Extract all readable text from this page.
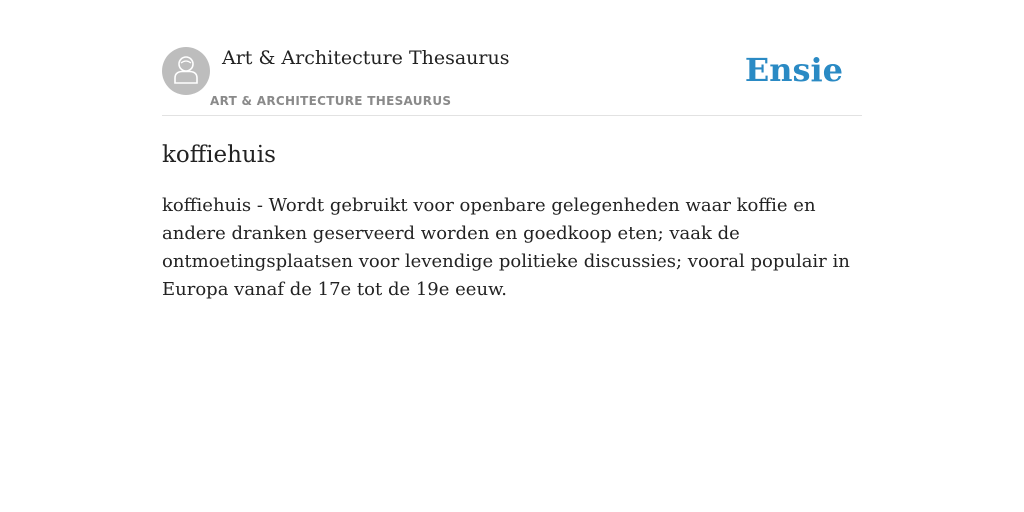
Art & Architecture Thesaurus
ART & ARCHITECTURE THESAURUS
Ensie
koffiehuis
koffiehuis - Wordt gebruikt voor openbare gelegenheden waar koffie en andere dranken geserveerd worden en goedkoop eten; vaak de ontmoetingsplaatsen voor levendige politieke discussies; vooral populair in Europa vanaf de 17e tot de 19e eeuw.
